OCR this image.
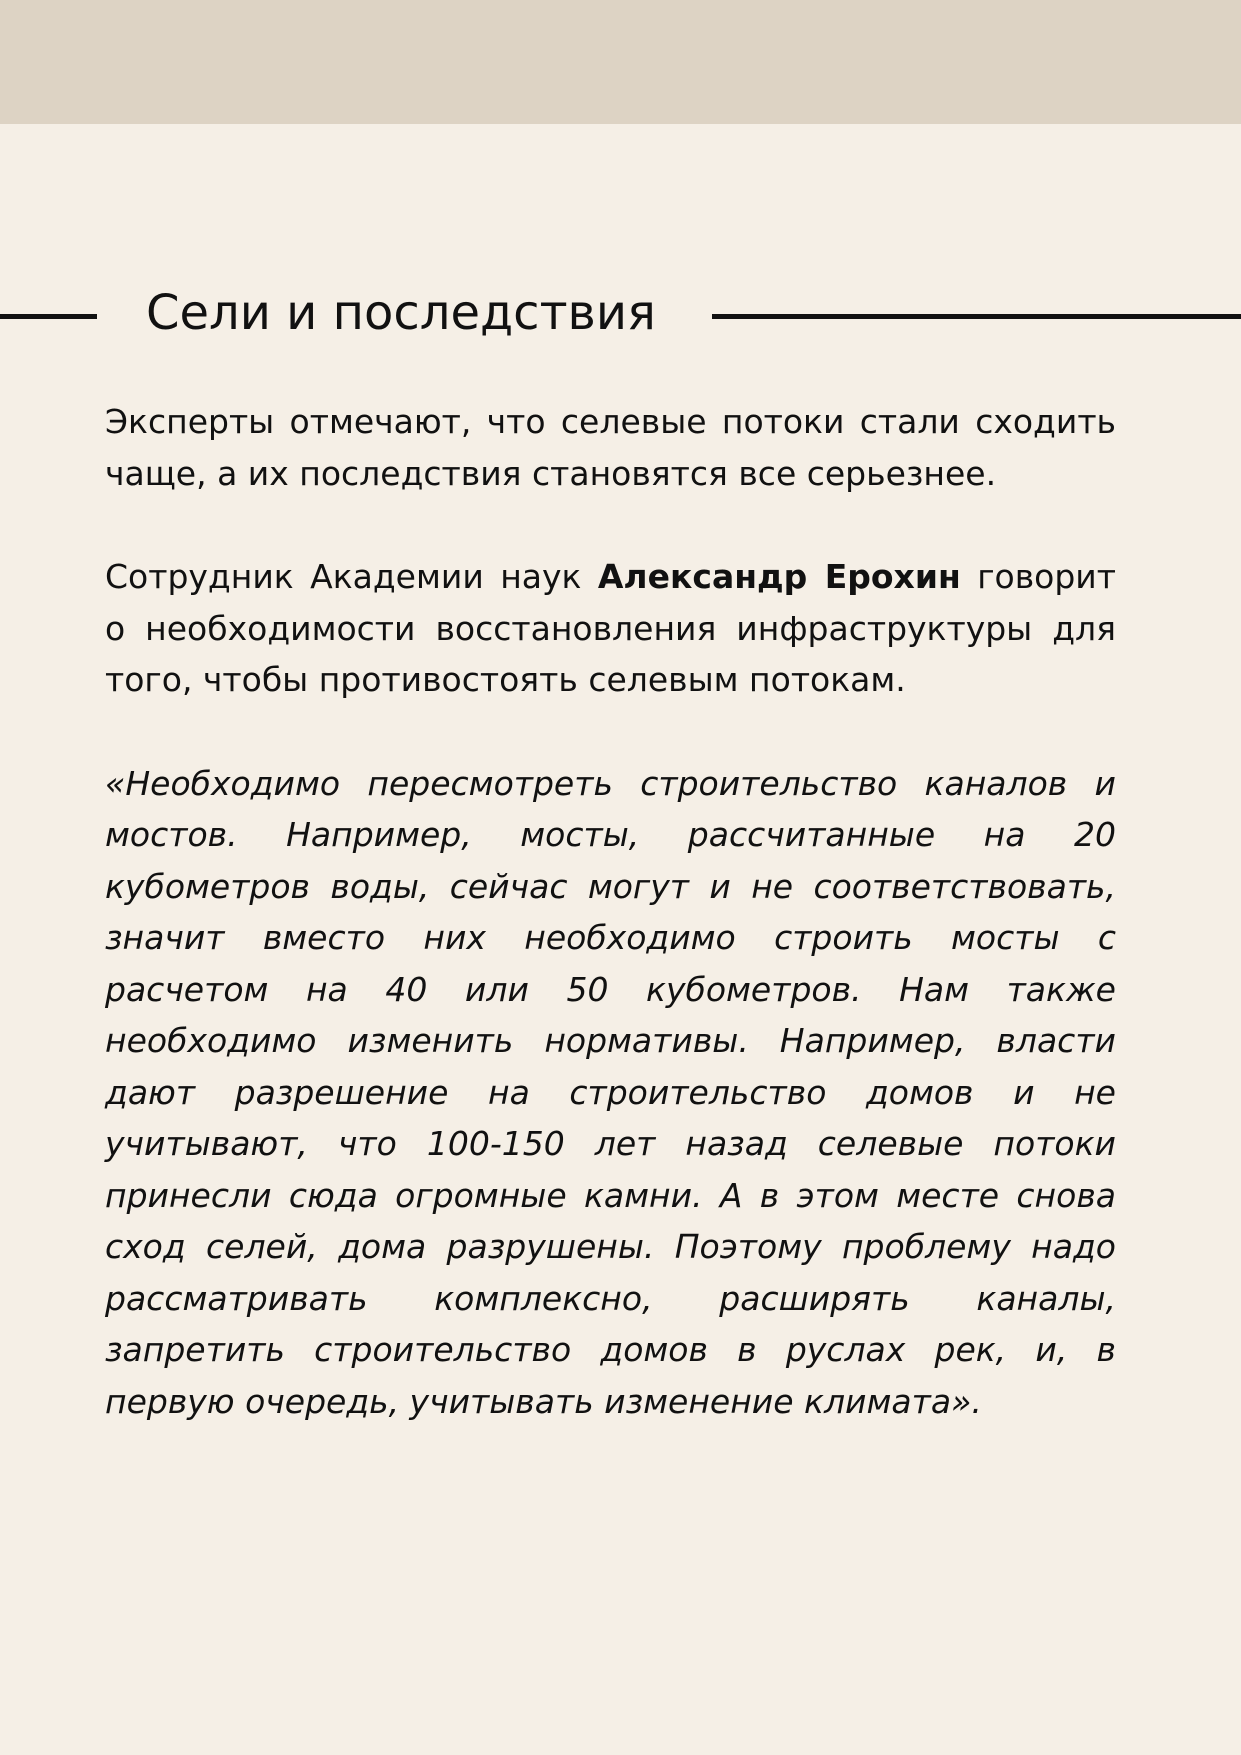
Сели и последствия

Эксперты отмечают, что селевые потоки стали сходить чаще, а их последствия становятся все серьезнее.

Сотрудник Академии наук Александр Ерохин говорит о необходимости восстановления инфраструктуры для того, чтобы противостоять селевым потокам.

«Необходимо пересмотреть строительство каналов и мостов. Например, мосты, рассчитанные на 20 кубометров воды, сейчас могут и не соответствовать, значит вместо них необходимо строить мосты с расчетом на 40 или 50 кубометров. Нам также необходимо изменить нормативы. Например, власти дают разрешение на строительство домов и не учитывают, что 100-150 лет назад селевые потоки принесли сюда огромные камни. А в этом месте снова сход селей, дома разрушены. Поэтому проблему надо рассматривать комплексно, расширять каналы, запретить строительство домов в руслах рек, и, в первую очередь, учитывать изменение климата».
